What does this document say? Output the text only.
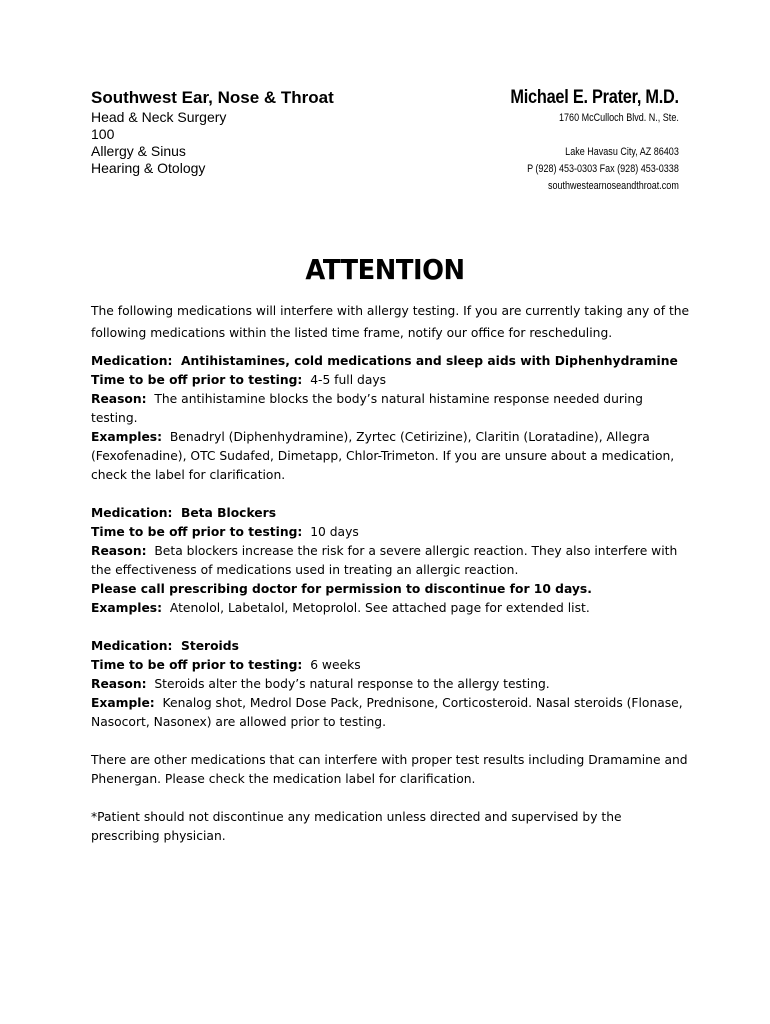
Southwest Ear, Nose & Throat
Head & Neck Surgery
100
Allergy & Sinus
Hearing & Otology
Michael E. Prater, M.D.
1760 McCulloch Blvd. N., Ste.
Lake Havasu City, AZ 86403
P (928) 453-0303 Fax (928) 453-0338
southwestearnoseandthroat.com
ATTENTION

The following medications will interfere with allergy testing. If you are currently taking any of the following medications within the listed time frame, notify our office for rescheduling.

Medication: Antihistamines, cold medications and sleep aids with Diphenhydramine

Time to be off prior to testing: 4-5 full days

Reason: The antihistamine blocks the body’s natural histamine response needed during testing.

Examples: Benadryl (Diphenhydramine), Zyrtec (Cetirizine), Claritin (Loratadine), Allegra (Fexofenadine), OTC Sudafed, Dimetapp, Chlor-Trimeton. If you are unsure about a medication, check the label for clarification.

Medication: Beta Blockers

Time to be off prior to testing: 10 days

Reason: Beta blockers increase the risk for a severe allergic reaction. They also interfere with the effectiveness of medications used in treating an allergic reaction.

Please call prescribing doctor for permission to discontinue for 10 days.

Examples: Atenolol, Labetalol, Metoprolol. See attached page for extended list.

Medication: Steroids

Time to be off prior to testing: 6 weeks

Reason: Steroids alter the body’s natural response to the allergy testing.

Example: Kenalog shot, Medrol Dose Pack, Prednisone, Corticosteroid. Nasal steroids (Flonase, Nasocort, Nasonex) are allowed prior to testing.

There are other medications that can interfere with proper test results including Dramamine and Phenergan. Please check the medication label for clarification.

*Patient should not discontinue any medication unless directed and supervised by the prescribing physician.
